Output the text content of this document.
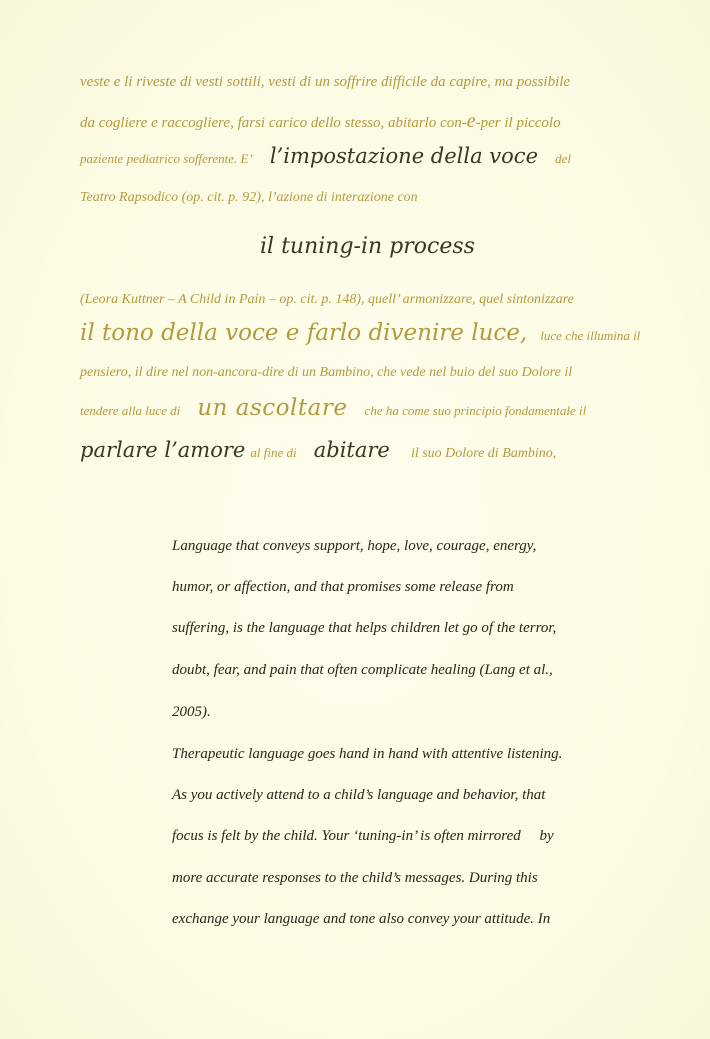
veste e li riveste di vesti sottili, vesti di un soffrire difficile da capire, ma possibile
da cogliere e raccogliere, farsi carico dello stesso, abitarlo con-e-per il piccolo
paziente pediatrico sofferente. E’ l’impostazione della voce del
Teatro Rapsodico (op. cit. p. 92), l’azione di interazione con
il tuning-in process
(Leora Kuttner – A Child in Pain – op. cit. p. 148), quell’ armonizzare, quel sintonizzare
il tono della voce e farlo divenire luce, luce che illumina il
pensiero, il dire nel non-ancora-dire di un Bambino, che vede nel buio del suo Dolore il
tendere alla luce di un ascoltare che ha come suo principio fondamentale il
parlare l’amore al fine di abitare il suo Dolore di Bambino,
Language that conveys support, hope, love, courage, energy,
humor, or affection, and that promises some release from
suffering, is the language that helps children let go of the terror,
doubt, fear, and pain that often complicate healing (Lang et al.,
2005).
Therapeutic language goes hand in hand with attentive listening.
As you actively attend to a child’s language and behavior, that
focus is felt by the child. Your ‘tuning-in’ is often mirrored     by
more accurate responses to the child’s messages. During this
exchange your language and tone also convey your attitude. In
